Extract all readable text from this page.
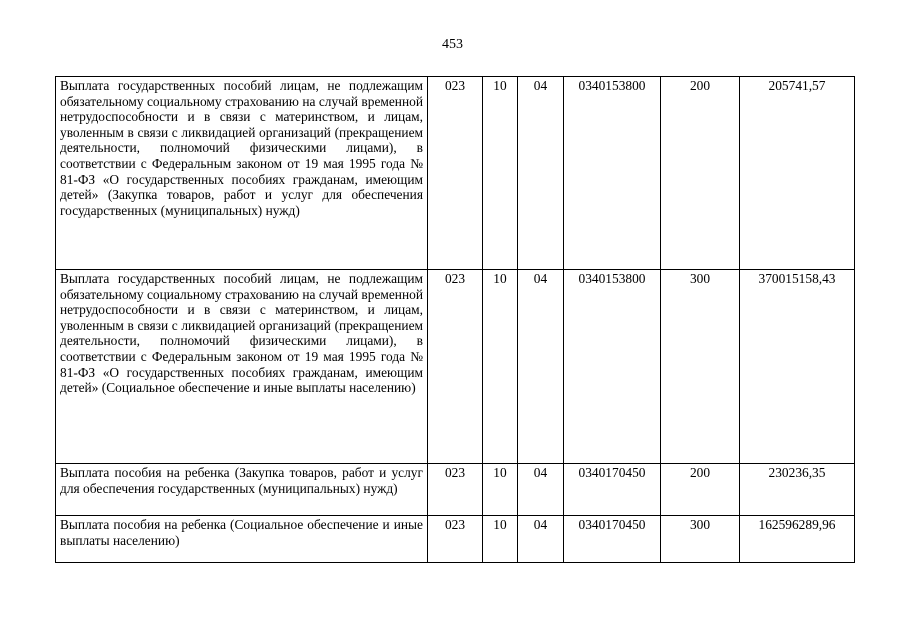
453
Выплата государственных пособий лицам, не подлежащим обязательному социальному страхованию на случай временной нетрудоспособности и в связи с материнством, и лицам, уволенным в связи с ликвидацией организаций (прекращением деятельности, полномочий физическими лицами), в соответствии с Федеральным законом от 19 мая 1995 года № 81-ФЗ «О государственных пособиях гражданам, имеющим детей» (Закупка товаров, работ и услуг для обеспечения государственных (муниципальных) нужд)	023	10	04	0340153800	200	205741,57
Выплата государственных пособий лицам, не подлежащим обязательному социальному страхованию на случай временной нетрудоспособности и в связи с материнством, и лицам, уволенным в связи с ликвидацией организаций (прекращением деятельности, полномочий физическими лицами), в соответствии с Федеральным законом от 19 мая 1995 года № 81-ФЗ «О государственных пособиях гражданам, имеющим детей» (Социальное обеспечение и иные выплаты населению)	023	10	04	0340153800	300	370015158,43
Выплата пособия на ребенка (Закупка товаров, работ и услуг для обеспечения государственных (муниципальных) нужд)	023	10	04	0340170450	200	230236,35
Выплата пособия на ребенка (Социальное обеспечение и иные выплаты населению)	023	10	04	0340170450	300	162596289,96
